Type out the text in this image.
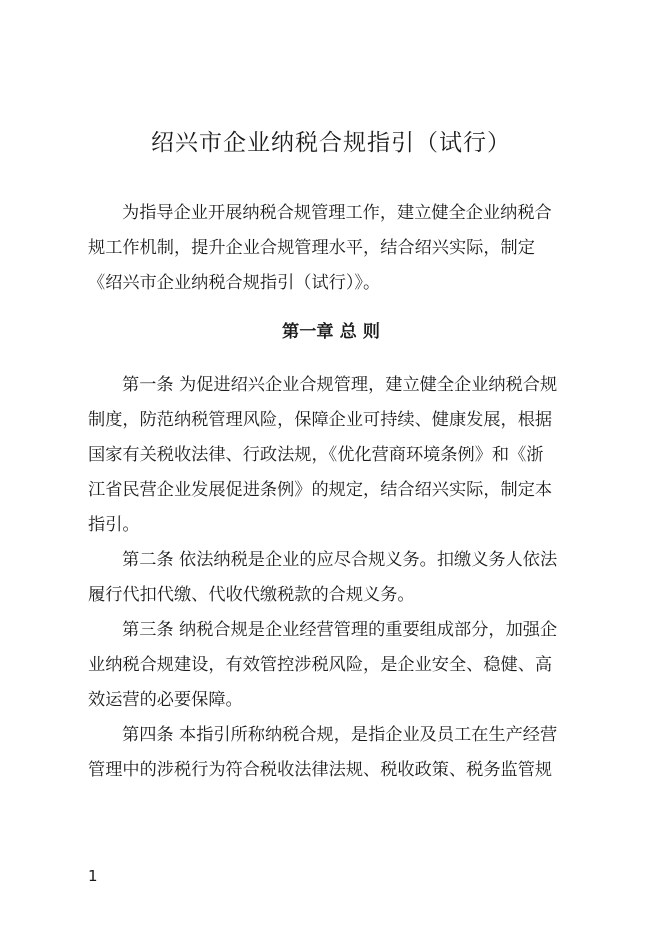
绍兴市企业纳税合规指引（试行）

为指导企业开展纳税合规管理工作，建立健全企业纳税合
规工作机制，提升企业合规管理水平，结合绍兴实际，制定
《绍兴市企业纳税合规指引（试行）》。

第一章 总 则

第一条 为促进绍兴企业合规管理，建立健全企业纳税合规
制度，防范纳税管理风险，保障企业可持续、健康发展，根据
国家有关税收法律、行政法规，《优化营商环境条例》和《浙
江省民营企业发展促进条例》的规定，结合绍兴实际，制定本
指引。

第二条 依法纳税是企业的应尽合规义务。扣缴义务人依法
履行代扣代缴、代收代缴税款的合规义务。

第三条 纳税合规是企业经营管理的重要组成部分，加强企
业纳税合规建设，有效管控涉税风险，是企业安全、稳健、高
效运营的必要保障。

第四条 本指引所称纳税合规，是指企业及员工在生产经营
管理中的涉税行为符合税收法律法规、税收政策、税务监管规

1
